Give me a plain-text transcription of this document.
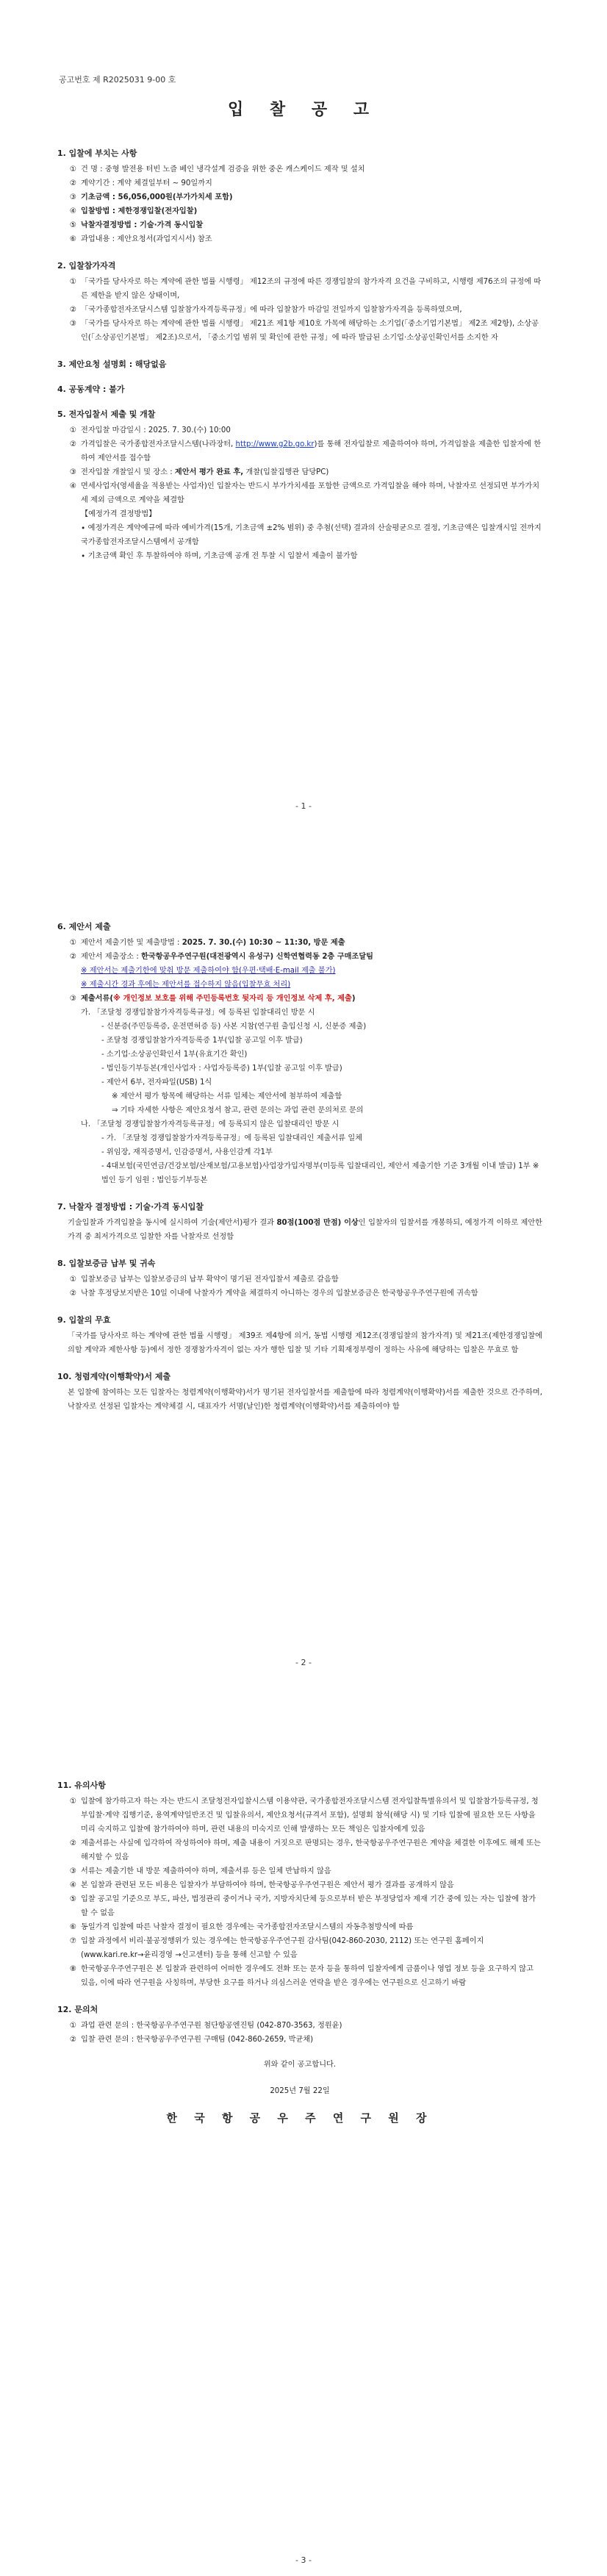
공고번호 제 R2025031 9-00 호
입 찰 공 고
1. 입찰에 부치는 사항
① 건 명 : 중형 발전용 터빈 노즐 베인 냉각설계 검증을 위한 중온 캐스케이드 제작 및 설치
② 계약기간 : 계약 체결일부터 ~ 90일까지
③ 기초금액 : 56,056,000원(부가가치세 포함)
④ 입찰방법 : 제한경쟁입찰(전자입찰)
⑤ 낙찰자결정방법 : 기술·가격 동시입찰
⑥ 과업내용 : 제안요청서(과업지시서) 참조
2. 입찰참가자격
① 「국가를 당사자로 하는 계약에 관한 법률 시행령」 제12조의 규정에 따른 경쟁입찰의 참가자격 요건을 구비하고, 시행령 제76조의 규정에 따른 제한을 받지 않은 상태이며,
② 「국가종합전자조달시스템 입찰참가자격등록규정」에 따라 입찰참가 마감일 전일까지 입찰참가자격을 등록하였으며,
③ 「국가를 당사자로 하는 계약에 관한 법률 시행령」 제21조 제1항 제10호 가목에 해당하는 소기업(「중소기업기본법」 제2조 제2항), 소상공인(「소상공인기본법」 제2조)으로서, 「중소기업 범위 및 확인에 관한 규정」에 따라 발급된 소기업·소상공인확인서를 소지한 자
3. 제안요청 설명회 : 해당없음
4. 공동계약 : 불가
5. 전자입찰서 제출 및 개찰
① 전자입찰 마감일시 : 2025. 7. 30.(수) 10:00
② 가격입찰은 국가종합전자조달시스템(나라장터, http://www.g2b.go.kr)를 통해 전자입찰로 제출하여야 하며, 가격입찰을 제출한 입찰자에 한하여 제안서를 접수함
③ 전자입찰 개찰일시 및 장소 : 제안서 평가 완료 후, 개찰(입찰집행관 담당PC)
④ 면세사업자(영세율을 적용받는 사업자)인 입찰자는 반드시 부가가치세를 포함한 금액으로 가격입찰을 해야 하며, 낙찰자로 선정되면 부가가치세 제외 금액으로 계약을 체결함
【예정가격 결정방법】
∙ 예정가격은 계약예규에 따라 예비가격(15개, 기초금액 ±2% 범위) 중 추첨(선택) 결과의 산술평균으로 결정, 기초금액은 입찰개시일 전까지 국가종합전자조달시스템에서 공개함
∙ 기초금액 확인 후 투찰하여야 하며, 기초금액 공개 전 투찰 시 입찰서 제출이 불가함
- 1 -
6. 제안서 제출
① 제안서 제출기한 및 제출방법 : 2025. 7. 30.(수) 10:30 ~ 11:30, 방문 제출
② 제안서 제출장소 : 한국항공우주연구원(대전광역시 유성구) 신학연협력동 2층 구매조달팀
※ 제안서는 제출기한에 맞춰 방문 제출하여야 함(우편·택배·E-mail 제출 불가)
※ 제출시간 경과 후에는 제안서를 접수하지 않음(입찰무효 처리)
③ 제출서류(※ 개인정보 보호를 위해 주민등록번호 뒷자리 등 개인정보 삭제 후, 제출)
가. 「조달청 경쟁입찰참가자격등록규정」에 등록된 입찰대리인 방문 시
- 신분증(주민등록증, 운전면허증 등) 사본 지참(연구원 출입신청 시, 신분증 제출)
- 조달청 경쟁입찰참가자격등록증 1부(입찰 공고일 이후 발급)
- 소기업·소상공인확인서 1부(유효기간 확인)
- 법인등기부등본(개인사업자 : 사업자등록증) 1부(입찰 공고일 이후 발급)
- 제안서 6부, 전자파일(USB) 1식
※ 제안서 평가 항목에 해당하는 서류 일체는 제안서에 첨부하여 제출함
⇒ 기타 자세한 사항은 제안요청서 참고, 관련 문의는 과업 관련 문의처로 문의
나. 「조달청 경쟁입찰참가자격등록규정」에 등록되지 않은 입찰대리인 방문 시
- 가. 「조달청 경쟁입찰참가자격등록규정」에 등록된 입찰대리인 제출서류 일체
- 위임장, 재직증명서, 인감증명서, 사용인감계 각1부
- 4대보험(국민연금/건강보험/산재보험/고용보험)사업장가입자명부(미등록 입찰대리인, 제안서 제출기한 기준 3개월 이내 발급) 1부 ※ 법인 등기 임원 : 법인등기부등본
7. 낙찰자 결정방법 : 기술·가격 동시입찰
기술입찰과 가격입찰을 동시에 실시하여 기술(제안서)평가 결과 80점(100점 만점) 이상인 입찰자의 입찰서를 개봉하되, 예정가격 이하로 제안한 가격 중 최저가격으로 입찰한 자를 낙찰자로 선정함
8. 입찰보증금 납부 및 귀속
① 입찰보증금 납부는 입찰보증금의 납부 확약이 명기된 전자입찰서 제출로 갈음함
② 낙찰 후정당보지받은 10일 이내에 낙찰자가 계약을 체결하지 아니하는 경우의 입찰보증금은 한국항공우주연구원에 귀속함
9. 입찰의 무효
「국가를 당사자로 하는 계약에 관한 법률 시행령」 제39조 제4항에 의거, 동법 시행령 제12조(경쟁입찰의 참가자격) 및 제21조(제한경쟁입찰에 의할 계약과 제한사항 등)에서 정한 경쟁참가자격이 없는 자가 행한 입찰 및 기타 기획재정부령이 정하는 사유에 해당하는 입찰은 무효로 함
10. 청렴계약(이행확약)서 제출
본 입찰에 참여하는 모든 입찰자는 청렴계약(이행확약)서가 명기된 전자입찰서를 제출함에 따라 청렴계약(이행확약)서를 제출한 것으로 간주하며, 낙찰자로 선정된 입찰자는 계약체결 시, 대표자가 서명(날인)한 청렴계약(이행확약)서를 제출하여야 함
- 2 -
11. 유의사항
① 입찰에 참가하고자 하는 자는 반드시 조달청전자입찰시스템 이용약관, 국가종합전자조달시스템 전자입찰특별유의서 및 입찰참가등록규정, 청부입찰·계약 집행기준, 용역계약일반조건 및 입찰유의서, 제안요청서(규격서 포함), 설명회 참석(해당 시) 및 기타 입찰에 필요한 모든 사항을 미리 숙지하고 입찰에 참가하여야 하며, 관련 내용의 미숙지로 인해 발생하는 모든 책임은 입찰자에게 있음
② 제출서류는 사실에 입각하여 작성하여야 하며, 제출 내용이 거짓으로 판명되는 경우, 한국항공우주연구원은 계약을 체결한 이후에도 해제 또는 해지할 수 있음
③ 서류는 제출기한 내 방문 제출하여야 하며, 제출서류 등은 일체 반납하지 않음
④ 본 입찰과 관련된 모든 비용은 입찰자가 부담하여야 하며, 한국항공우주연구원은 제안서 평가 결과를 공개하지 않음
⑤ 입찰 공고일 기준으로 부도, 파산, 법정관리 중이거나 국가, 지방자치단체 등으로부터 받은 부정당업자 제재 기간 중에 있는 자는 입찰에 참가할 수 없음
⑥ 동일가격 입찰에 따른 낙찰자 결정이 필요한 경우에는 국가종합전자조달시스템의 자동추첨방식에 따름
⑦ 입찰 과정에서 비리·불공정행위가 있는 경우에는 한국항공우주연구원 감사팀(042-860-2030, 2112) 또는 연구원 홈페이지(www.kari.re.kr→윤리경영 →신고센터) 등을 통해 신고할 수 있음
⑧ 한국항공우주연구원은 본 입찰과 관련하여 어떠한 경우에도 전화 또는 문자 등을 통하여 입찰자에게 금품이나 영업 정보 등을 요구하지 않고 있음, 이에 따라 연구원을 사칭하며, 부당한 요구를 하거나 의심스러운 연락을 받은 경우에는 연구원으로 신고하기 바람
12. 문의처
① 과업 관련 문의 : 한국항공우주연구원 첨단항공엔진팀 (042-870-3563, 정원윤)
② 입찰 관련 문의 : 한국항공우주연구원 구매팀 (042-860-2659, 박균채)
위와 같이 공고합니다.
2025년 7월 22일
한 국 항 공 우 주 연 구 원 장
- 3 -
